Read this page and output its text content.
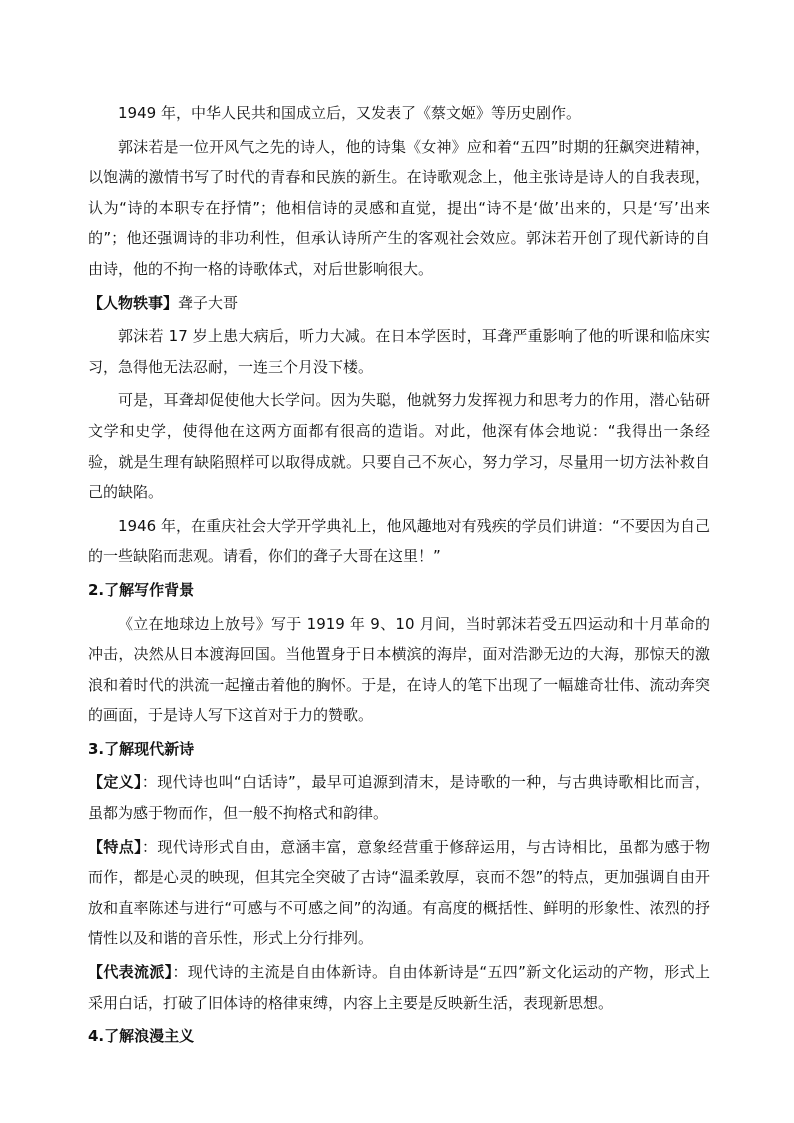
1949 年，中华人民共和国成立后，又发表了《蔡文姬》等历史剧作。

郭沫若是一位开风气之先的诗人，他的诗集《女神》应和着“五四”时期的狂飙突进精神，以饱满的激情书写了时代的青春和民族的新生。在诗歌观念上，他主张诗是诗人的自我表现，认为“诗的本职专在抒情”；他相信诗的灵感和直觉，提出“诗不是‘做’出来的，只是‘写’出来的”；他还强调诗的非功利性，但承认诗所产生的客观社会效应。郭沫若开创了现代新诗的自由诗，他的不拘一格的诗歌体式，对后世影响很大。

【人物轶事】聋子大哥

郭沫若 17 岁上患大病后，听力大减。在日本学医时，耳聋严重影响了他的听课和临床实习，急得他无法忍耐，一连三个月没下楼。

可是，耳聋却促使他大长学问。因为失聪，他就努力发挥视力和思考力的作用，潜心钻研文学和史学，使得他在这两方面都有很高的造诣。对此，他深有体会地说：“我得出一条经验，就是生理有缺陷照样可以取得成就。只要自己不灰心，努力学习，尽量用一切方法补救自己的缺陷。

1946 年，在重庆社会大学开学典礼上，他风趣地对有残疾的学员们讲道：“不要因为自己的一些缺陷而悲观。请看，你们的聋子大哥在这里！”

2.了解写作背景

《立在地球边上放号》写于 1919 年 9、10 月间，当时郭沫若受五四运动和十月革命的冲击，决然从日本渡海回国。当他置身于日本横滨的海岸，面对浩渺无边的大海，那惊天的激浪和着时代的洪流一起撞击着他的胸怀。于是，在诗人的笔下出现了一幅雄奇壮伟、流动奔突的画面，于是诗人写下这首对于力的赞歌。

3.了解现代新诗

【定义】：现代诗也叫“白话诗”，最早可追源到清末，是诗歌的一种，与古典诗歌相比而言，虽都为感于物而作，但一般不拘格式和韵律。

【特点】：现代诗形式自由，意涵丰富，意象经营重于修辞运用，与古诗相比，虽都为感于物而作，都是心灵的映现，但其完全突破了古诗“温柔敦厚，哀而不怨”的特点，更加强调自由开放和直率陈述与进行“可感与不可感之间”的沟通。有高度的概括性、鲜明的形象性、浓烈的抒情性以及和谐的音乐性，形式上分行排列。

【代表流派】：现代诗的主流是自由体新诗。自由体新诗是“五四”新文化运动的产物，形式上采用白话，打破了旧体诗的格律束缚，内容上主要是反映新生活，表现新思想。

4.了解浪漫主义
